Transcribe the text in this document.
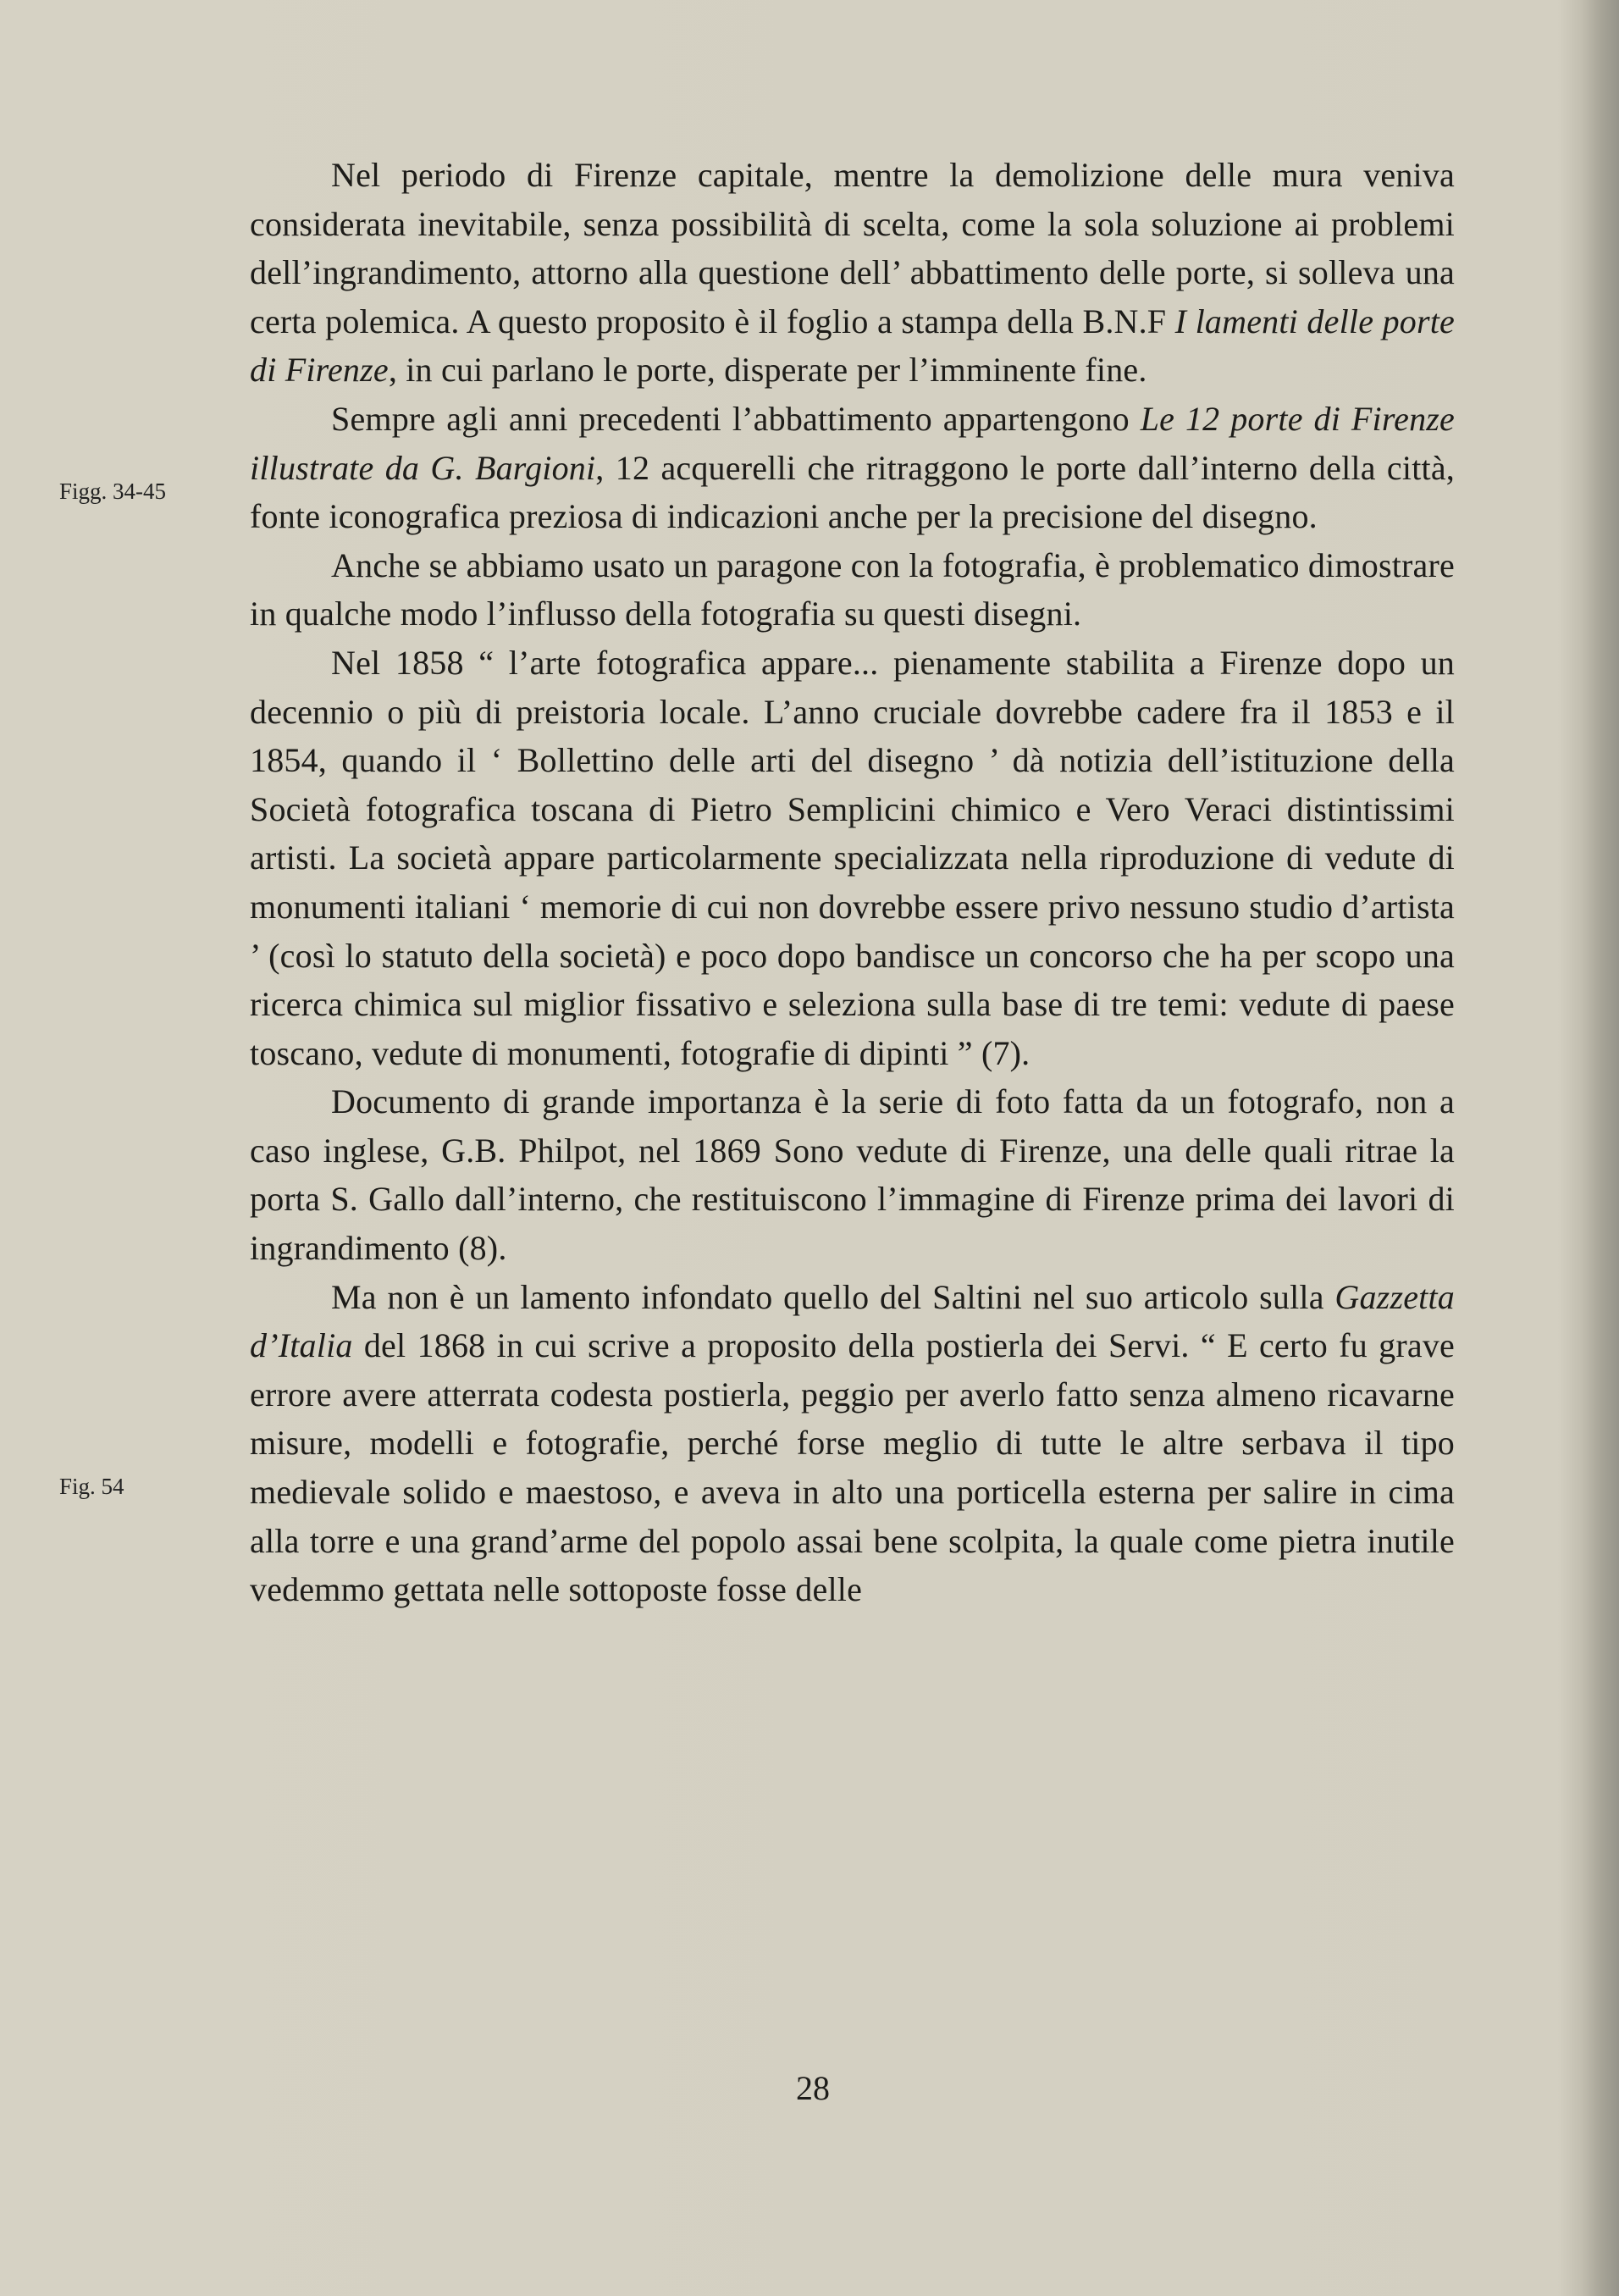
Figg. 34-45
Fig. 54

Nel periodo di Firenze capitale, mentre la demolizione delle mura veniva considerata inevitabile, senza possibilità di scelta, come la sola soluzione ai problemi dell’ingrandimento, attorno alla questione dell’ abbattimento delle porte, si solleva una certa polemica. A questo proposito è il foglio a stampa della B.N.F I lamenti delle porte di Firenze, in cui parlano le porte, disperate per l’imminente fine.

Sempre agli anni precedenti l’abbattimento appartengono Le 12 porte di Firenze illustrate da G. Bargioni, 12 acquerelli che ritraggono le porte dall’interno della città, fonte iconografica preziosa di indicazioni anche per la precisione del disegno.

Anche se abbiamo usato un paragone con la fotografia, è problematico dimostrare in qualche modo l’influsso della fotografia su questi disegni.

Nel 1858 “ l’arte fotografica appare... pienamente stabilita a Firenze dopo un decennio o più di preistoria locale. L’anno cruciale dovrebbe cadere fra il 1853 e il 1854, quando il ‘ Bollettino delle arti del disegno ’ dà notizia dell’istituzione della Società fotografica toscana di Pietro Semplicini chimico e Vero Veraci distintissimi artisti. La società appare particolarmente specializzata nella riproduzione di vedute di monumenti italiani ‘ memorie di cui non dovrebbe essere privo nessuno studio d’artista ’ (così lo statuto della società) e poco dopo bandisce un concorso che ha per scopo una ricerca chimica sul miglior fissativo e seleziona sulla base di tre temi: vedute di paese toscano, vedute di monumenti, fotografie di dipinti ” (7).

Documento di grande importanza è la serie di foto fatta da un fotografo, non a caso inglese, G.B. Philpot, nel 1869 Sono vedute di Firenze, una delle quali ritrae la porta S. Gallo dall’interno, che restituiscono l’immagine di Firenze prima dei lavori di ingrandimento (8).

Ma non è un lamento infondato quello del Saltini nel suo articolo sulla Gazzetta d’Italia del 1868 in cui scrive a proposito della postierla dei Servi. “ E certo fu grave errore avere atterrata codesta postierla, peggio per averlo fatto senza almeno ricavarne misure, modelli e fotografie, perché forse meglio di tutte le altre serbava il tipo medievale solido e maestoso, e aveva in alto una porticella esterna per salire in cima alla torre e una grand’arme del popolo assai bene scolpita, la quale come pietra inutile vedemmo gettata nelle sottoposte fosse delle

28
